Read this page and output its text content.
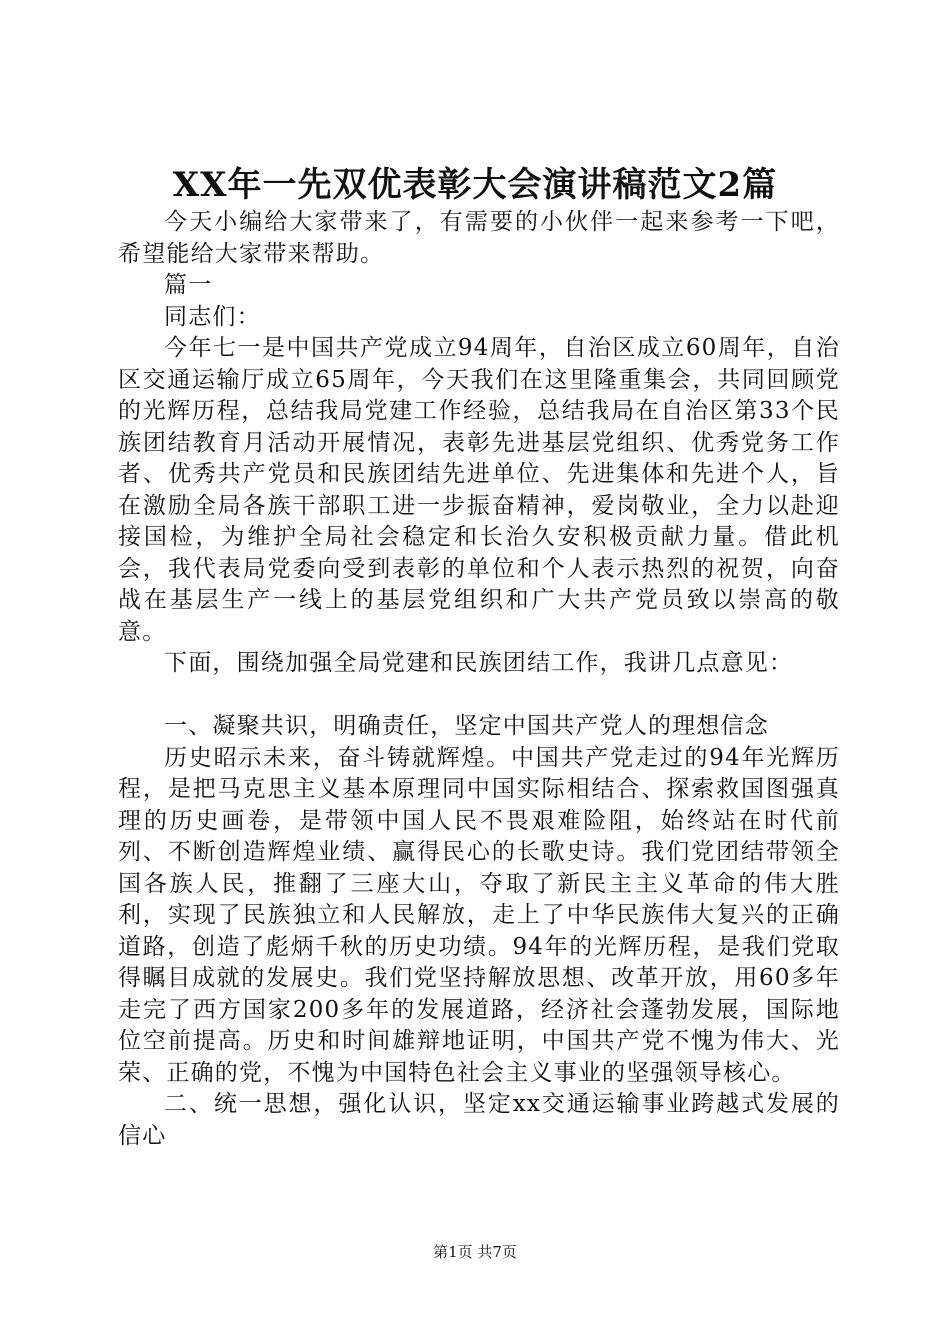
XX年一先双优表彰大会演讲稿范文2篇

今天小编给大家带来了，有需要的小伙伴一起来参考一下吧，希望能给大家带来帮助。

篇一

同志们：

今年七一是中国共产党成立94周年，自治区成立60周年，自治区交通运输厅成立65周年，今天我们在这里隆重集会，共同回顾党的光辉历程，总结我局党建工作经验，总结我局在自治区第33个民族团结教育月活动开展情况，表彰先进基层党组织、优秀党务工作者、优秀共产党员和民族团结先进单位、先进集体和先进个人，旨在激励全局各族干部职工进一步振奋精神，爱岗敬业，全力以赴迎接国检，为维护全局社会稳定和长治久安积极贡献力量。借此机会，我代表局党委向受到表彰的单位和个人表示热烈的祝贺，向奋战在基层生产一线上的基层党组织和广大共产党员致以崇高的敬意。

下面，围绕加强全局党建和民族团结工作，我讲几点意见：

一、凝聚共识，明确责任，坚定中国共产党人的理想信念

历史昭示未来，奋斗铸就辉煌。中国共产党走过的94年光辉历程，是把马克思主义基本原理同中国实际相结合、探索救国图强真理的历史画卷，是带领中国人民不畏艰难险阻，始终站在时代前列、不断创造辉煌业绩、赢得民心的长歌史诗。我们党团结带领全国各族人民，推翻了三座大山，夺取了新民主主义革命的伟大胜利，实现了民族独立和人民解放，走上了中华民族伟大复兴的正确道路，创造了彪炳千秋的历史功绩。94年的光辉历程，是我们党取得瞩目成就的发展史。我们党坚持解放思想、改革开放，用60多年走完了西方国家200多年的发展道路，经济社会蓬勃发展，国际地位空前提高。历史和时间雄辩地证明，中国共产党不愧为伟大、光荣、正确的党，不愧为中国特色社会主义事业的坚强领导核心。

二、统一思想，强化认识，坚定xx交通运输事业跨越式发展的信心

第1页 共7页
